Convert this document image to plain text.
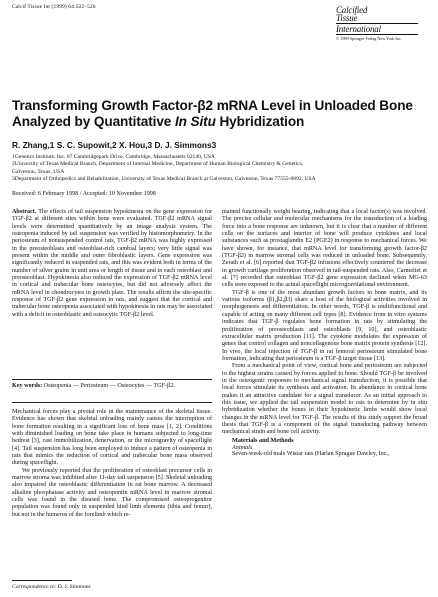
Calcif Tissue Int (1999) 64:522–526	Calcified
Tissue
International
© 1999 Springer-Verlag New York Inc.
Transforming Growth Factor-β2 mRNA Level in Unloaded Bone
Analyzed by Quantitative In Situ Hybridization
R. Zhang,1 S. C. Supowit,2 X. Hou,3 D. J. Simmons3
1Genetics Institute, Inc. 87 Cambridgepark Drive, Cambridge, Massachusetts 02140, USA
2University of Texas Medical Branch, Department of Internal Medicine, Department of Human Biological Chemistry & Genetics,
Galveston, Texas, USA
3Department of Orthopedics and Rehabilitation, University of Texas Medical Branch at Galveston, Galveston, Texas 77555-0892, USA
Received: 6 February 1998 / Accepted: 10 November 1998

Abstract. The effects of tail suspension hypokinesia on the gene expression for TGF-β2 at different sites within bone were evaluated. TGF-β2 mRNA signal levels were determined quantitatively by an image analysis system. The osteopenia induced by tail suspension was verified by histomorphometry. In the periosteum of nonsuspended control rats, TGF-β2 mRNA was highly expressed in the preosteoblasts and osteoblast-rich cambial layers; very little signal was present within the middle and outer fibroblastic layers. Gene expression was significantly reduced in suspended rats, and this was evident both in terms of the number of silver grains in unit area or length of tissue and in each osteoblast and preosteoblast. Hypokinesia also reduced the expression of TGF-β2 mRNA level in cortical and trabecular bone osteocytes, but did not adversely affect the mRNA level in chondrocytes in growth plate. The results affirm the site-specific response of TGF-β2 gene expression in rats, and suggest that the cortical and trabecular bone osteopenia associated with hypokinesia in rats may be associated with a deficit in osteoblastic and osteocytic TGF-β2 level.

Key words: Osteopenia — Periosteum — Osteocytes — TGF-β2.

Mechanical forces play a pivotal role in the maintenance of the skeletal tissue. Evidence has shown that skeletal unloading mainly causes the interruption of bone formation resulting in a significant loss of bone mass [1, 2]. Conditions with diminished loading on bone take place in humans subjected to long-time bedrest [3], cast immobilization, denervation, or the microgravity of spaceflight [4]. Tail suspension has long been employed to induce a pattern of osteopenia in rats that mimics the reduction of cortical and trabecular bone mass observed during spaceflight.

We previously reported that the proliferation of osteoblast precursor cells in marrow stroma was inhibited after 11-day tail suspension [5]. Skeletal unloading also impaired the osteoblastic differentiation in rat bone marrow. A decreased alkaline phosphatase activity and osteopontin mRNA level in marrow stromal cells was found in the disused bone. The compromised osteoprogenitor population was found only in suspended hind limb elements (tibia and femur), but not in the humerus of the forelimb which re-

mained functionally weight bearing, indicating that a local factor(s) was involved. The precise cellular and molecular mechanisms for the transduction of a loading force into a bone response are unknown, but it is clear that a number of different cells on the surfaces and interior of bone will produce cytokines and local substances such as prostaglandin E2 (PGE2) in response to mechanical forces. We have shown, for instance, that mRNA level for transforming growth factor-β2 (TGF-β2) in marrow stromal cells was reduced in unloaded bone. Subsequently, Zerath et al. [6] reported that TGF-β2 infusions effectively countered the decrease in growth cartilage proliferation observed in tail-suspended rats. Also, Carmeliet et al. [7] recorded that osteoblast TGF-β2 gene expression declined when MG-63 cells were exposed to the actual spaceflight microgravitational environment.

TGF-β is one of the most abundant growth factors in bone matrix, and its various isoforms (β1,β2,β3) share a host of the biological activities involved in morphogenesis and differentiation. In other words, TGF-β is multifunctional and capable of acting on many different cell types [8]. Evidence from in vitro systems indicates that TGF-β regulates bone formation in rats by stimulating the proliferation of preosteoblasts and osteoblasts [9, 10], and osteoblastic extracellular matrix production [11]. The cytokine modulates the expression of genes that control collagen and noncollagenous bone matrix protein synthesis [12]. In vivo, the local injection of TGF-β in rat femoral periosteum stimulated bone formation, indicating that periosteum is a TGF-β target tissue [13].

From a mechanical point of view, cortical bone and periosteum are subjected to the highest strains caused by forces applied to bone. Should TGF-β be involved in the osteogenic responses to mechanical signal transduction, it is possible that local forces stimulate its synthesis and activation. Its abundance in cortical bone makes it an attractive candidate for a signal transducer. As an initial approach to this issue, we applied the tail suspension model to rats to determine by in situ hybridization whether the bones in their hypokinetic limbs would show local changes in the mRNA level for TGF-β. The results of this study support the broad thesis that TGF-β is a component of the signal transducing pathway between mechanical strain and bone cell activity.

Materials and Methods

Animals

Seven-week-old male Wistar rats (Harlan Sprague Dawley, Inc.,

Correspondence to: D. J. Simmons
